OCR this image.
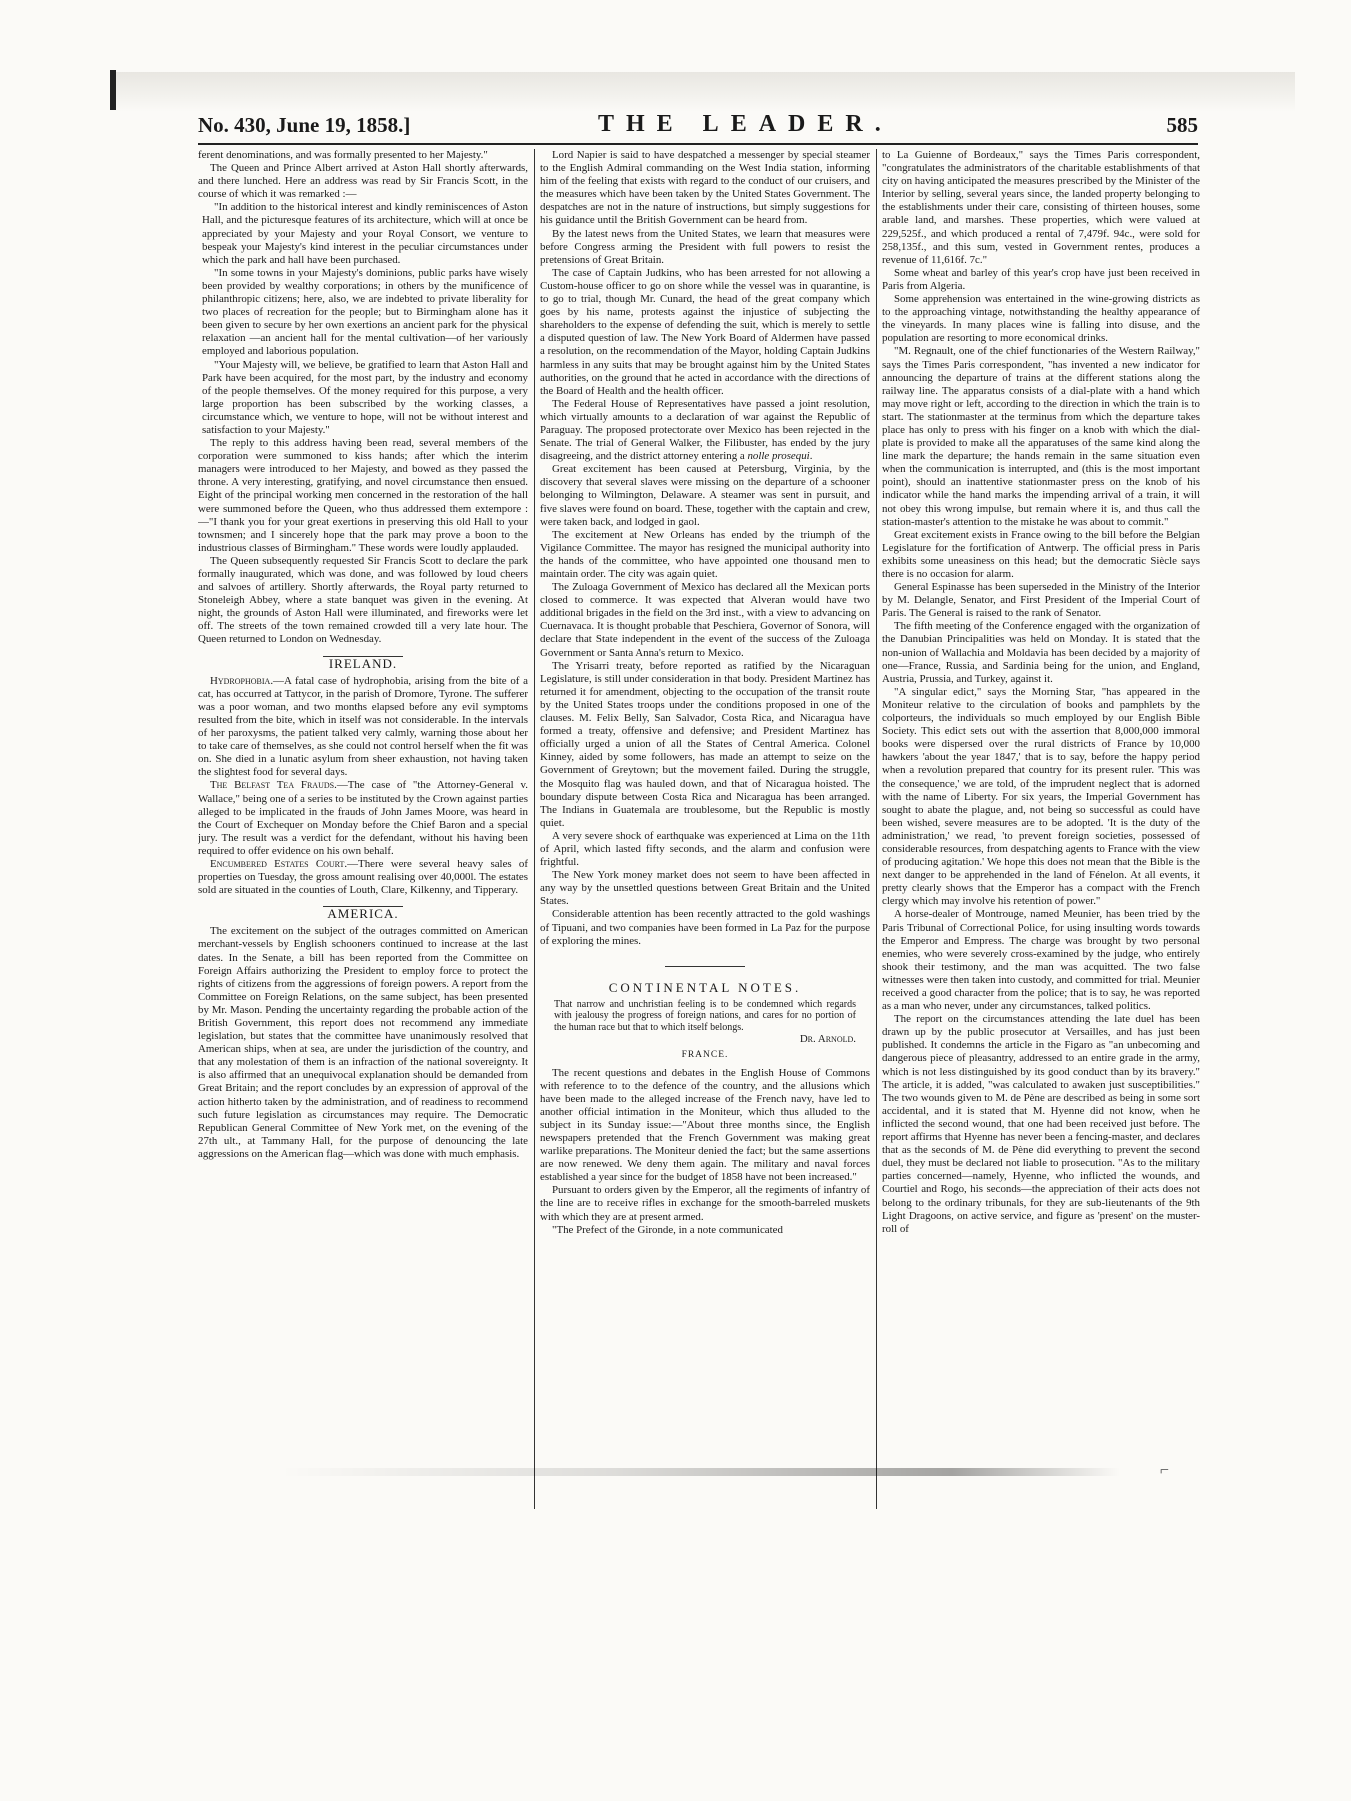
No. 430, June 19, 1858.]	THE LEADER.	585

ferent denominations, and was formally presented to her Majesty."

The Queen and Prince Albert arrived at Aston Hall shortly afterwards, and there lunched. Here an address was read by Sir Francis Scott, in the course of which it was remarked :—

"In addition to the historical interest and kindly reminiscences of Aston Hall, and the picturesque features of its architecture, which will at once be appreciated by your Majesty and your Royal Consort, we venture to bespeak your Majesty's kind interest in the peculiar circumstances under which the park and hall have been purchased.

"In some towns in your Majesty's dominions, public parks have wisely been provided by wealthy corporations; in others by the munificence of philanthropic citizens; here, also, we are indebted to private liberality for two places of recreation for the people; but to Birmingham alone has it been given to secure by her own exertions an ancient park for the physical relaxation —an ancient hall for the mental cultivation—of her variously employed and laborious population.

"Your Majesty will, we believe, be gratified to learn that Aston Hall and Park have been acquired, for the most part, by the industry and economy of the people themselves. Of the money required for this purpose, a very large proportion has been subscribed by the working classes, a circumstance which, we venture to hope, will not be without interest and satisfaction to your Majesty."

The reply to this address having been read, several members of the corporation were summoned to kiss hands; after which the interim managers were introduced to her Majesty, and bowed as they passed the throne. A very interesting, gratifying, and novel circumstance then ensued. Eight of the principal working men concerned in the restoration of the hall were summoned before the Queen, who thus addressed them extempore :—"I thank you for your great exertions in preserving this old Hall to your townsmen; and I sincerely hope that the park may prove a boon to the industrious classes of Birmingham." These words were loudly applauded.

The Queen subsequently requested Sir Francis Scott to declare the park formally inaugurated, which was done, and was followed by loud cheers and salvoes of artillery. Shortly afterwards, the Royal party returned to Stoneleigh Abbey, where a state banquet was given in the evening. At night, the grounds of Aston Hall were illuminated, and fireworks were let off. The streets of the town remained crowded till a very late hour. The Queen returned to London on Wednesday.

IRELAND.

Hydrophobia.—A fatal case of hydrophobia, arising from the bite of a cat, has occurred at Tattycor, in the parish of Dromore, Tyrone. The sufferer was a poor woman, and two months elapsed before any evil symptoms resulted from the bite, which in itself was not considerable. In the intervals of her paroxysms, the patient talked very calmly, warning those about her to take care of themselves, as she could not control herself when the fit was on. She died in a lunatic asylum from sheer exhaustion, not having taken the slightest food for several days.

The Belfast Tea Frauds.—The case of "the Attorney-General v. Wallace," being one of a series to be instituted by the Crown against parties alleged to be implicated in the frauds of John James Moore, was heard in the Court of Exchequer on Monday before the Chief Baron and a special jury. The result was a verdict for the defendant, without his having been required to offer evidence on his own behalf.

Encumbered Estates Court.—There were several heavy sales of properties on Tuesday, the gross amount realising over 40,000l. The estates sold are situated in the counties of Louth, Clare, Kilkenny, and Tipperary.

AMERICA.

The excitement on the subject of the outrages committed on American merchant-vessels by English schooners continued to increase at the last dates. In the Senate, a bill has been reported from the Committee on Foreign Affairs authorizing the President to employ force to protect the rights of citizens from the aggressions of foreign powers. A report from the Committee on Foreign Relations, on the same subject, has been presented by Mr. Mason. Pending the uncertainty regarding the probable action of the British Government, this report does not recommend any immediate legislation, but states that the committee have unanimously resolved that American ships, when at sea, are under the jurisdiction of the country, and that any molestation of them is an infraction of the national sovereignty. It is also affirmed that an unequivocal explanation should be demanded from Great Britain; and the report concludes by an expression of approval of the action hitherto taken by the administration, and of readiness to recommend such future legislation as circumstances may require. The Democratic Republican General Committee of New York met, on the evening of the 27th ult., at Tammany Hall, for the purpose of denouncing the late aggressions on the American flag—which was done with much emphasis.

Lord Napier is said to have despatched a messenger by special steamer to the English Admiral commanding on the West India station, informing him of the feeling that exists with regard to the conduct of our cruisers, and the measures which have been taken by the United States Government. The despatches are not in the nature of instructions, but simply suggestions for his guidance until the British Government can be heard from.

By the latest news from the United States, we learn that measures were before Congress arming the President with full powers to resist the pretensions of Great Britain.

The case of Captain Judkins, who has been arrested for not allowing a Custom-house officer to go on shore while the vessel was in quarantine, is to go to trial, though Mr. Cunard, the head of the great company which goes by his name, protests against the injustice of subjecting the shareholders to the expense of defending the suit, which is merely to settle a disputed question of law. The New York Board of Aldermen have passed a resolution, on the recommendation of the Mayor, holding Captain Judkins harmless in any suits that may be brought against him by the United States authorities, on the ground that he acted in accordance with the directions of the Board of Health and the health officer.

The Federal House of Representatives have passed a joint resolution, which virtually amounts to a declaration of war against the Republic of Paraguay. The proposed protectorate over Mexico has been rejected in the Senate. The trial of General Walker, the Filibuster, has ended by the jury disagreeing, and the district attorney entering a nolle prosequi.

Great excitement has been caused at Petersburg, Virginia, by the discovery that several slaves were missing on the departure of a schooner belonging to Wilmington, Delaware. A steamer was sent in pursuit, and five slaves were found on board. These, together with the captain and crew, were taken back, and lodged in gaol.

The excitement at New Orleans has ended by the triumph of the Vigilance Committee. The mayor has resigned the municipal authority into the hands of the committee, who have appointed one thousand men to maintain order. The city was again quiet.

The Zuloaga Government of Mexico has declared all the Mexican ports closed to commerce. It was expected that Alveran would have two additional brigades in the field on the 3rd inst., with a view to advancing on Cuernavaca. It is thought probable that Peschiera, Governor of Sonora, will declare that State independent in the event of the success of the Zuloaga Government or Santa Anna's return to Mexico.

The Yrisarri treaty, before reported as ratified by the Nicaraguan Legislature, is still under consideration in that body. President Martinez has returned it for amendment, objecting to the occupation of the transit route by the United States troops under the conditions proposed in one of the clauses. M. Felix Belly, San Salvador, Costa Rica, and Nicaragua have formed a treaty, offensive and defensive; and President Martinez has officially urged a union of all the States of Central America. Colonel Kinney, aided by some followers, has made an attempt to seize on the Government of Greytown; but the movement failed. During the struggle, the Mosquito flag was hauled down, and that of Nicaragua hoisted. The boundary dispute between Costa Rica and Nicaragua has been arranged. The Indians in Guatemala are troublesome, but the Republic is mostly quiet.

A very severe shock of earthquake was experienced at Lima on the 11th of April, which lasted fifty seconds, and the alarm and confusion were frightful.

The New York money market does not seem to have been affected in any way by the unsettled questions between Great Britain and the United States.

Considerable attention has been recently attracted to the gold washings of Tipuani, and two companies have been formed in La Paz for the purpose of exploring the mines.

CONTINENTAL NOTES.
That narrow and unchristian feeling is to be condemned which regards with jealousy the progress of foreign nations, and cares for no portion of the human race but that to which itself belongs.

Dr. Arnold.

FRANCE.

The recent questions and debates in the English House of Commons with reference to to the defence of the country, and the allusions which have been made to the alleged increase of the French navy, have led to another official intimation in the Moniteur, which thus alluded to the subject in its Sunday issue:—"About three months since, the English newspapers pretended that the French Government was making great warlike preparations. The Moniteur denied the fact; but the same assertions are now renewed. We deny them again. The military and naval forces established a year since for the budget of 1858 have not been increased."

Pursuant to orders given by the Emperor, all the regiments of infantry of the line are to receive rifles in exchange for the smooth-barreled muskets with which they are at present armed.

"The Prefect of the Gironde, in a note communicated

to La Guienne of Bordeaux," says the Times Paris correspondent, "congratulates the administrators of the charitable establishments of that city on having anticipated the measures prescribed by the Minister of the Interior by selling, several years since, the landed property belonging to the establishments under their care, consisting of thirteen houses, some arable land, and marshes. These properties, which were valued at 229,525f., and which produced a rental of 7,479f. 94c., were sold for 258,135f., and this sum, vested in Government rentes, produces a revenue of 11,616f. 7c."

Some wheat and barley of this year's crop have just been received in Paris from Algeria.

Some apprehension was entertained in the wine-growing districts as to the approaching vintage, notwithstanding the healthy appearance of the vineyards. In many places wine is falling into disuse, and the population are resorting to more economical drinks.

"M. Regnault, one of the chief functionaries of the Western Railway," says the Times Paris correspondent, "has invented a new indicator for announcing the departure of trains at the different stations along the railway line. The apparatus consists of a dial-plate with a hand which may move right or left, according to the direction in which the train is to start. The stationmaster at the terminus from which the departure takes place has only to press with his finger on a knob with which the dial-plate is provided to make all the apparatuses of the same kind along the line mark the departure; the hands remain in the same situation even when the communication is interrupted, and (this is the most important point), should an inattentive stationmaster press on the knob of his indicator while the hand marks the impending arrival of a train, it will not obey this wrong impulse, but remain where it is, and thus call the station-master's attention to the mistake he was about to commit."

Great excitement exists in France owing to the bill before the Belgian Legislature for the fortification of Antwerp. The official press in Paris exhibits some uneasiness on this head; but the democratic Siècle says there is no occasion for alarm.

General Espinasse has been superseded in the Ministry of the Interior by M. Delangle, Senator, and First President of the Imperial Court of Paris. The General is raised to the rank of Senator.

The fifth meeting of the Conference engaged with the organization of the Danubian Principalities was held on Monday. It is stated that the non-union of Wallachia and Moldavia has been decided by a majority of one—France, Russia, and Sardinia being for the union, and England, Austria, Prussia, and Turkey, against it.

"A singular edict," says the Morning Star, "has appeared in the Moniteur relative to the circulation of books and pamphlets by the colporteurs, the individuals so much employed by our English Bible Society. This edict sets out with the assertion that 8,000,000 immoral books were dispersed over the rural districts of France by 10,000 hawkers 'about the year 1847,' that is to say, before the happy period when a revolution prepared that country for its present ruler. 'This was the consequence,' we are told, of the imprudent neglect that is adorned with the name of Liberty. For six years, the Imperial Government has sought to abate the plague, and, not being so successful as could have been wished, severe measures are to be adopted. 'It is the duty of the administration,' we read, 'to prevent foreign societies, possessed of considerable resources, from despatching agents to France with the view of producing agitation.' We hope this does not mean that the Bible is the next danger to be apprehended in the land of Fénelon. At all events, it pretty clearly shows that the Emperor has a compact with the French clergy which may involve his retention of power."

A horse-dealer of Montrouge, named Meunier, has been tried by the Paris Tribunal of Correctional Police, for using insulting words towards the Emperor and Empress. The charge was brought by two personal enemies, who were severely cross-examined by the judge, who entirely shook their testimony, and the man was acquitted. The two false witnesses were then taken into custody, and committed for trial. Meunier received a good character from the police; that is to say, he was reported as a man who never, under any circumstances, talked politics.

The report on the circumstances attending the late duel has been drawn up by the public prosecutor at Versailles, and has just been published. It condemns the article in the Figaro as "an unbecoming and dangerous piece of pleasantry, addressed to an entire grade in the army, which is not less distinguished by its good conduct than by its bravery." The article, it is added, "was calculated to awaken just susceptibilities." The two wounds given to M. de Pène are described as being in some sort accidental, and it is stated that M. Hyenne did not know, when he inflicted the second wound, that one had been received just before. The report affirms that Hyenne has never been a fencing-master, and declares that as the seconds of M. de Pène did everything to prevent the second duel, they must be declared not liable to prosecution. "As to the military parties concerned—namely, Hyenne, who inflicted the wounds, and Courtiel and Rogo, his seconds—the appreciation of their acts does not belong to the ordinary tribunals, for they are sub-lieutenants of the 9th Light Dragoons, on active service, and figure as 'present' on the muster-roll of

⌐
